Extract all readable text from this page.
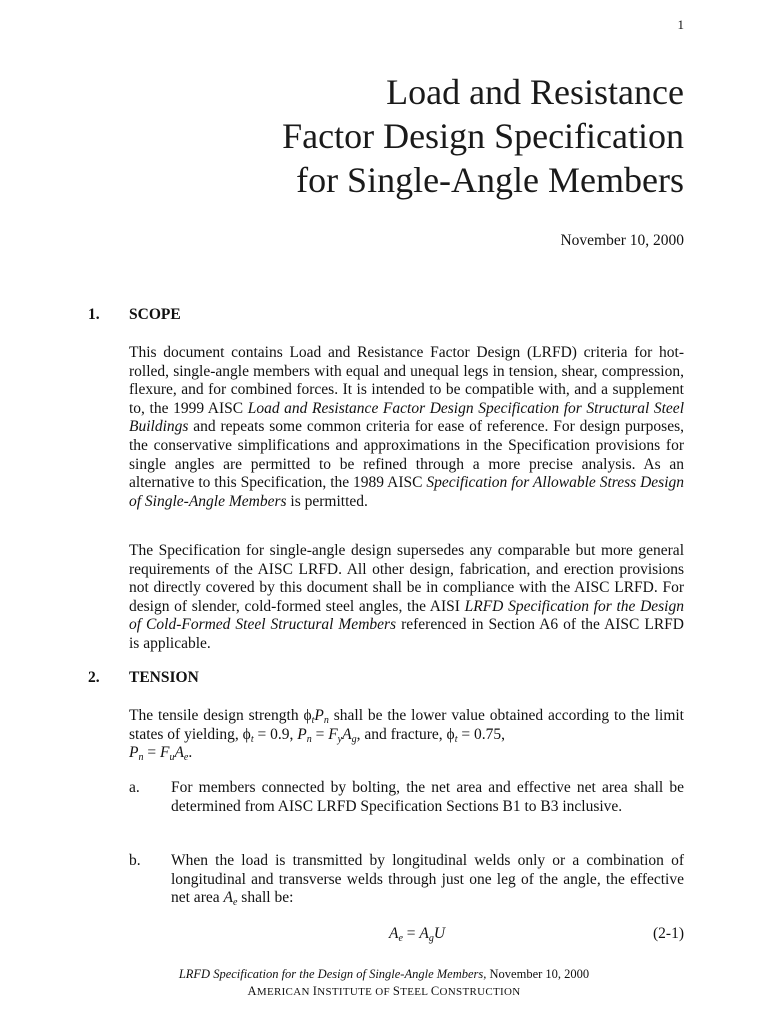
1
Load and Resistance
Factor Design Specification
for Single-Angle Members
November 10, 2000
1. SCOPE
This document contains Load and Resistance Factor Design (LRFD) criteria for hot-rolled, single-angle members with equal and unequal legs in tension, shear, compression, flexure, and for combined forces. It is intended to be compatible with, and a supplement to, the 1999 AISC Load and Resistance Factor Design Specification for Structural Steel Buildings and repeats some common criteria for ease of reference. For design purposes, the conservative simplifications and approximations in the Specification provisions for single angles are permitted to be refined through a more precise analysis. As an alternative to this Specification, the 1989 AISC Specification for Allowable Stress Design of Single-Angle Members is permitted.
The Specification for single-angle design supersedes any comparable but more general requirements of the AISC LRFD. All other design, fabrication, and erection provisions not directly covered by this document shall be in compliance with the AISC LRFD. For design of slender, cold-formed steel angles, the AISI LRFD Specification for the Design of Cold-Formed Steel Structural Members referenced in Section A6 of the AISC LRFD is applicable.
2. TENSION
The tensile design strength $\phi_tP_n$ shall be the lower value obtained according to the limit states of yielding, $\phi_t = 0.9$, $P_n = F_yA_g$, and fracture, $\phi_t = 0.75$,
$P_n = F_uA_e$.
a. For members connected by bolting, the net area and effective net area shall be determined from AISC LRFD Specification Sections B1 to B3 inclusive.
b. When the load is transmitted by longitudinal welds only or a combination of longitudinal and transverse welds through just one leg of the angle, the effective net area $A_e$ shall be:
$A_e = A_gU$	(2-1)
LRFD Specification for the Design of Single-Angle Members, November 10, 2000
AMERICAN INSTITUTE OF STEEL CONSTRUCTION
